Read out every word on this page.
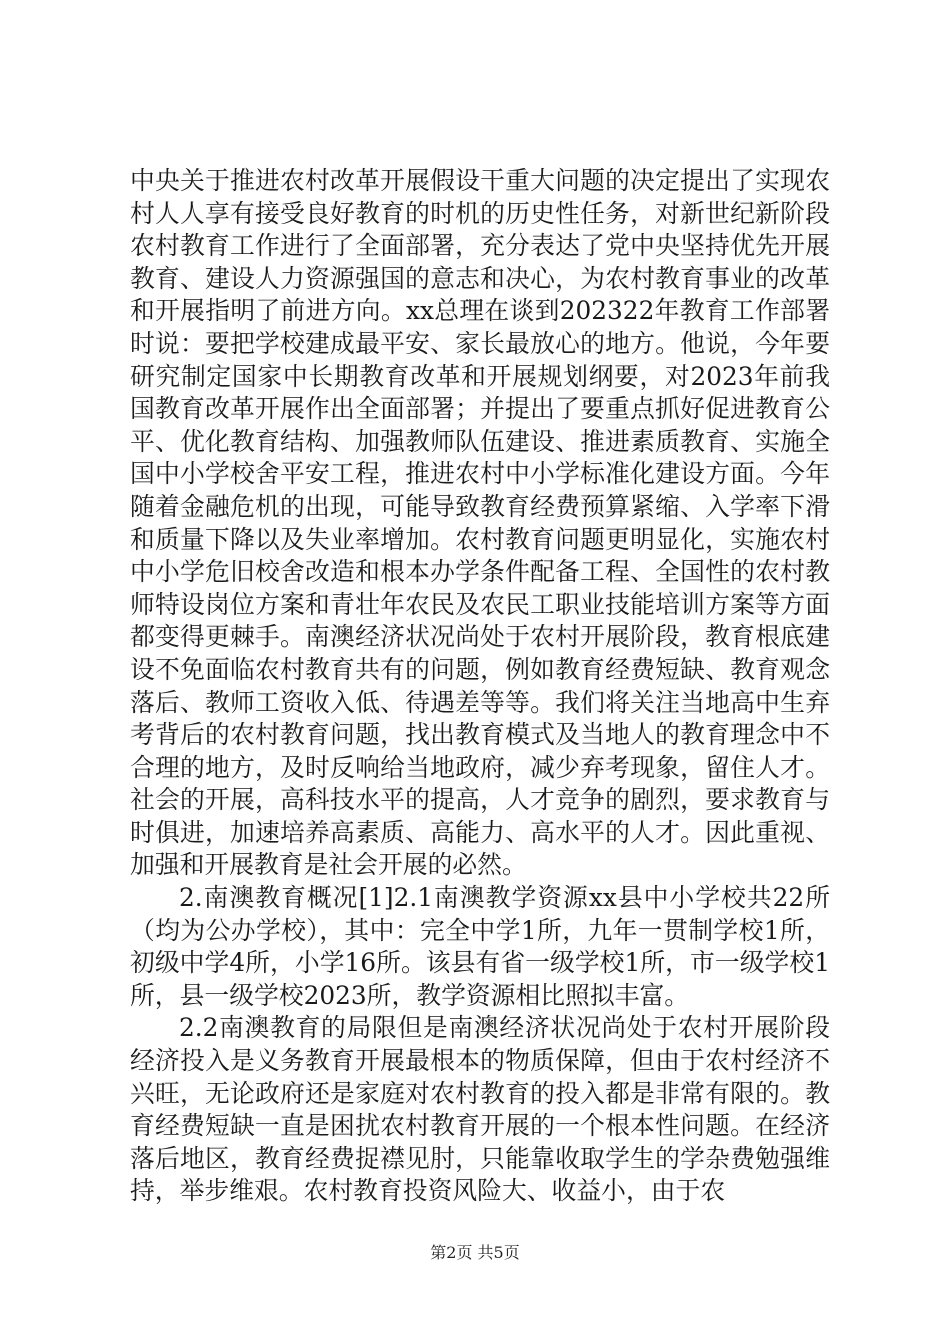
中央关于推进农村改革开展假设干重大问题的决定提出了实现农村人人享有接受良好教育的时机的历史性任务，对新世纪新阶段农村教育工作进行了全面部署，充分表达了党中央坚持优先开展教育、建设人力资源强国的意志和决心，为农村教育事业的改革和开展指明了前进方向。xx总理在谈到202322年教育工作部署时说：要把学校建成最平安、家长最放心的地方。他说，今年要研究制定国家中长期教育改革和开展规划纲要，对2023年前我国教育改革开展作出全面部署；并提出了要重点抓好促进教育公平、优化教育结构、加强教师队伍建设、推进素质教育、实施全国中小学校舍平安工程，推进农村中小学标准化建设方面。今年随着金融危机的出现，可能导致教育经费预算紧缩、入学率下滑和质量下降以及失业率增加。农村教育问题更明显化，实施农村中小学危旧校舍改造和根本办学条件配备工程、全国性的农村教师特设岗位方案和青壮年农民及农民工职业技能培训方案等方面都变得更棘手。南澳经济状况尚处于农村开展阶段，教育根底建设不免面临农村教育共有的问题，例如教育经费短缺、教育观念落后、教师工资收入低、待遇差等等。我们将关注当地高中生弃考背后的农村教育问题，找出教育模式及当地人的教育理念中不合理的地方，及时反响给当地政府，减少弃考现象，留住人才。社会的开展，高科技水平的提高，人才竞争的剧烈，要求教育与时俱进，加速培养高素质、高能力、高水平的人才。因此重视、加强和开展教育是社会开展的必然。

2.南澳教育概况[1]2.1南澳教学资源xx县中小学校共22所（均为公办学校），其中：完全中学1所，九年一贯制学校1所，初级中学4所，小学16所。该县有省一级学校1所，市一级学校1所，县一级学校2023所，教学资源相比照拟丰富。

2.2南澳教育的局限但是南澳经济状况尚处于农村开展阶段经济投入是义务教育开展最根本的物质保障，但由于农村经济不兴旺，无论政府还是家庭对农村教育的投入都是非常有限的。教育经费短缺一直是困扰农村教育开展的一个根本性问题。在经济落后地区，教育经费捉襟见肘，只能靠收取学生的学杂费勉强维持，举步维艰。农村教育投资风险大、收益小，由于农

第2页 共5页
